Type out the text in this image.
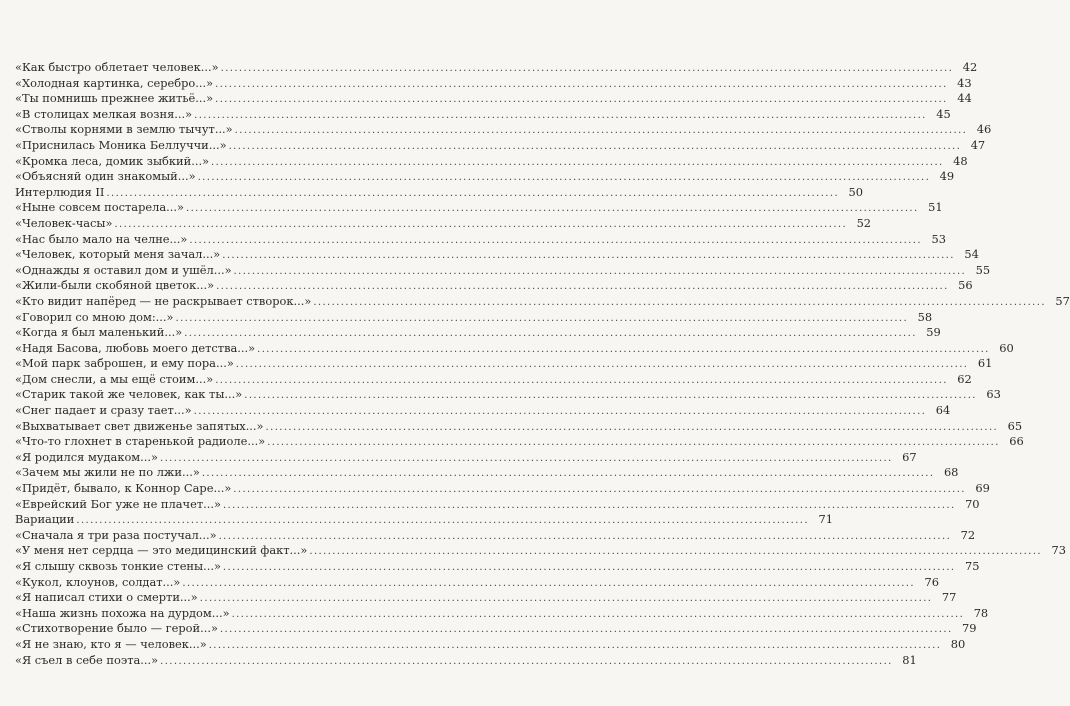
«Как быстро облетает человек...» ................................................................................................................................................................ 42
«Холодная картинка, серебро...» ................................................................................................................................................................ 43
«Ты помнишь прежнее житьё...» ................................................................................................................................................................ 44
«В столицах мелкая возня...» ................................................................................................................................................................ 45
«Стволы корнями в землю тычут...» ................................................................................................................................................................ 46
«Приснилась Моника Беллуччи...» ................................................................................................................................................................ 47
«Кромка леса, домик зыбкий...» ................................................................................................................................................................ 48
«Объясняй один знакомый...» ................................................................................................................................................................ 49
Интерлюдия II ................................................................................................................................................................ 50
«Ныне совсем постарела...» ................................................................................................................................................................ 51
«Человек-часы» ................................................................................................................................................................ 52
«Нас было мало на челне...» ................................................................................................................................................................ 53
«Человек, который меня зачал...» ................................................................................................................................................................ 54
«Однажды я оставил дом и ушёл...» ................................................................................................................................................................ 55
«Жили-были скобяной цветок...» ................................................................................................................................................................ 56
«Кто видит напёред — не раскрывает створок...» ................................................................................................................................................................ 57
«Говорил со мною дом:...» ................................................................................................................................................................ 58
«Когда я был маленький...» ................................................................................................................................................................ 59
«Надя Басова, любовь моего детства...» ................................................................................................................................................................ 60
«Мой парк заброшен, и ему пора...» ................................................................................................................................................................ 61
«Дом снесли, а мы ещё стоим...» ................................................................................................................................................................ 62
«Старик такой же человек, как ты...» ................................................................................................................................................................ 63
«Снег падает и сразу тает...» ................................................................................................................................................................ 64
«Выхватывает свет движенье запятых...» ................................................................................................................................................................ 65
«Что-то глохнет в старенькой радиоле...» ................................................................................................................................................................ 66
«Я родился мудаком...» ................................................................................................................................................................ 67
«Зачем мы жили не по лжи...» ................................................................................................................................................................ 68
«Придёт, бывало, к Коннор Саре...» ................................................................................................................................................................ 69
«Еврейский Бог уже не плачет...» ................................................................................................................................................................ 70
Вариации ................................................................................................................................................................ 71
«Сначала я три раза постучал...» ................................................................................................................................................................ 72
«У меня нет сердца — это медицинский факт...» ................................................................................................................................................................ 73
«Я слышу сквозь тонкие стены...» ................................................................................................................................................................ 75
«Кукол, клоунов, солдат...» ................................................................................................................................................................ 76
«Я написал стихи о смерти...» ................................................................................................................................................................ 77
«Наша жизнь похожа на дурдом...» ................................................................................................................................................................ 78
«Стихотворение было — герой...» ................................................................................................................................................................ 79
«Я не знаю, кто я — человек...» ................................................................................................................................................................ 80
«Я съел в себе поэта...» ................................................................................................................................................................ 81
